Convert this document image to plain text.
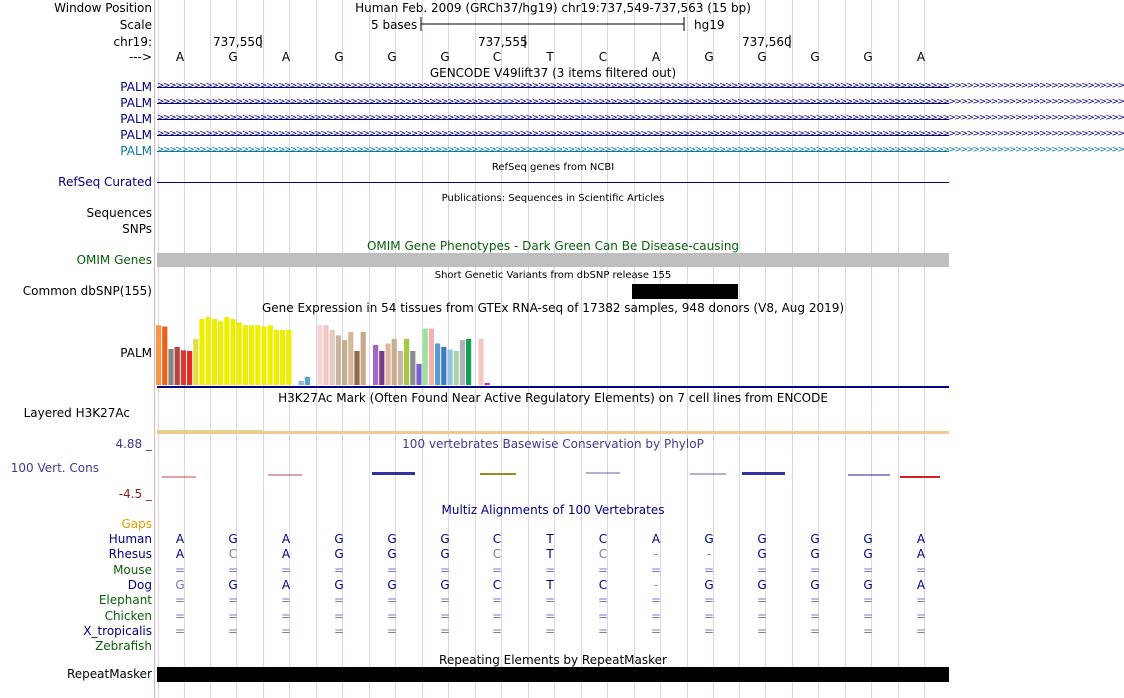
Window Position	Human Feb. 2009 (GRCh37/hg19) chr19:737,549-737,563 (15 bp)
Scale	5 bases	hg19
chr19:	737,550	737,555	737,560
--->	A	G	A	G	G	G	C	T	C	A	G	G	G	G	A
GENCODE V49lift37 (3 items filtered out)
PALM >>>>>>>>>>>>>>>>>>>>>>>>>>>>>>>>>>>>>>>>>>>>>>>>>>>>>>>>>>>>>>>>>>>>>>>>>>>>>>>>>>>>>>>>>>>>>>>>>>>>>>>>>>>>>>>>>>>>>>>>>>>>>>>>>>>>>>>>>>>>>>>>>>>>>>>>>>>>>>>>
PALM >>>>>>>>>>>>>>>>>>>>>>>>>>>>>>>>>>>>>>>>>>>>>>>>>>>>>>>>>>>>>>>>>>>>>>>>>>>>>>>>>>>>>>>>>>>>>>>>>>>>>>>>>>>>>>>>>>>>>>>>>>>>>>>>>>>>>>>>>>>>>>>>>>>>>>>>>>>>>>>>
PALM >>>>>>>>>>>>>>>>>>>>>>>>>>>>>>>>>>>>>>>>>>>>>>>>>>>>>>>>>>>>>>>>>>>>>>>>>>>>>>>>>>>>>>>>>>>>>>>>>>>>>>>>>>>>>>>>>>>>>>>>>>>>>>>>>>>>>>>>>>>>>>>>>>>>>>>>>>>>>>>>
PALM >>>>>>>>>>>>>>>>>>>>>>>>>>>>>>>>>>>>>>>>>>>>>>>>>>>>>>>>>>>>>>>>>>>>>>>>>>>>>>>>>>>>>>>>>>>>>>>>>>>>>>>>>>>>>>>>>>>>>>>>>>>>>>>>>>>>>>>>>>>>>>>>>>>>>>>>>>>>>>>>
PALM >>>>>>>>>>>>>>>>>>>>>>>>>>>>>>>>>>>>>>>>>>>>>>>>>>>>>>>>>>>>>>>>>>>>>>>>>>>>>>>>>>>>>>>>>>>>>>>>>>>>>>>>>>>>>>>>>>>>>>>>>>>>>>>>>>>>>>>>>>>>>>>>>>>>>>>>>>>>>>>>
RefSeq genes from NCBI
RefSeq Curated
Publications: Sequences in Scientific Articles
Sequences
SNPs
OMIM Gene Phenotypes - Dark Green Can Be Disease-causing
OMIM Genes
Short Genetic Variants from dbSNP release 155
Common dbSNP(155)
Gene Expression in 54 tissues from GTEx RNA-seq of 17382 samples, 948 donors (V8, Aug 2019)
PALM
H3K27Ac Mark (Often Found Near Active Regulatory Elements) on 7 cell lines from ENCODE
Layered H3K27Ac
4.88 _	100 vertebrates Basewise Conservation by PhyloP
100 Vert. Cons
-4.5 _
Multiz Alignments of 100 Vertebrates
Gaps
Human	A	G	A	G	G	G	C	T	C	A	G	G	G	G	A
Rhesus	A	C	A	G	G	G	C	T	C	-	-	G	G	G	A
Mouse	=	=	=	=	=	=	=	=	=	=	=	=	=	=	=
Dog	G	G	A	G	G	G	C	T	C	-	G	G	G	G	A
Elephant	=	=	=	=	=	=	=	=	=	=	=	=	=	=	=
Chicken	=	=	=	=	=	=	=	=	=	=	=	=	=	=	=
X_tropicalis	=	=	=	=	=	=	=	=	=	=	=	=	=	=	=
Zebrafish
Repeating Elements by RepeatMasker
RepeatMasker
